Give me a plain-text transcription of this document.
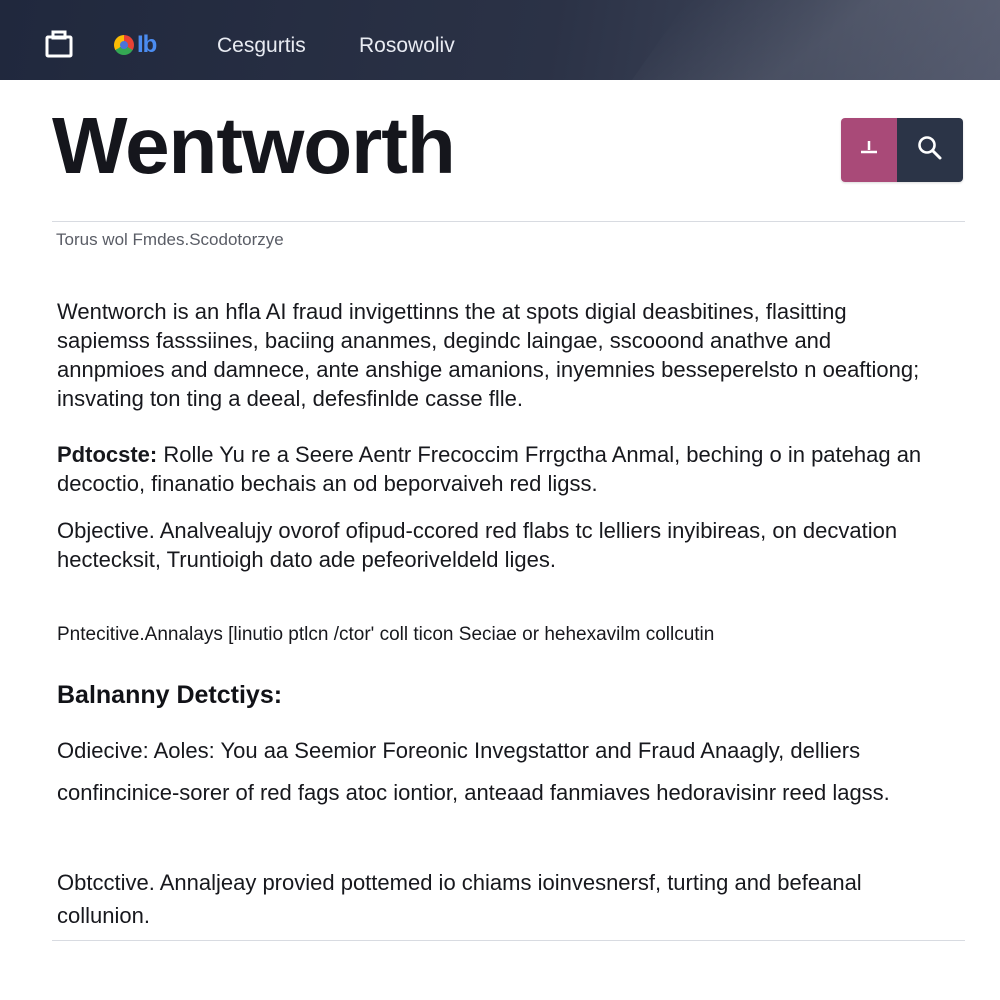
Ib	Cesgurtis	Rosowoliv
Wentworth
Torus wol Fmdes.Scodotorzye

Wentworch is an hfla AI fraud invigettinns the at spots digial deasbitines, flasitting sapiemss fasssiines, baciing ananmes, degindc laingae, sscooond anathve and annpmioes and damnece, ante anshige amanions, inyemnies besseperelsto n oeaftiong; insvating ton ting a deeal, defesfinlde casse flle.

Pdtocste: Rolle Yu re a Seere Aentr Frecoccim Frrgctha Anmal, beching o in patehag an decoctio, finanatio bechais an od beporvaiveh red ligss.

Objective. Analvealujy ovorof ofipud-ccored red flabs tc lelliers inyibireas, on decvation hectecksit, Truntioigh dato ade pefeoriveldeld liges.

Pntecitive.Annalays [linutio ptlcn /ctor' coll ticon Seciae or hehexavilm collcutin

Balnanny Detctiys:

Odiecive: Aoles: You aa Seemior Foreonic Invegstattor and Fraud Anaagly, delliers confincinice-sorer of red fags atoc iontior, anteaad fanmiaves hedoravisinr reed lagss.

Obtcctive. Annaljeay provied pottemed io chiams ioinvesnersf, turting and befeanal collunion.
